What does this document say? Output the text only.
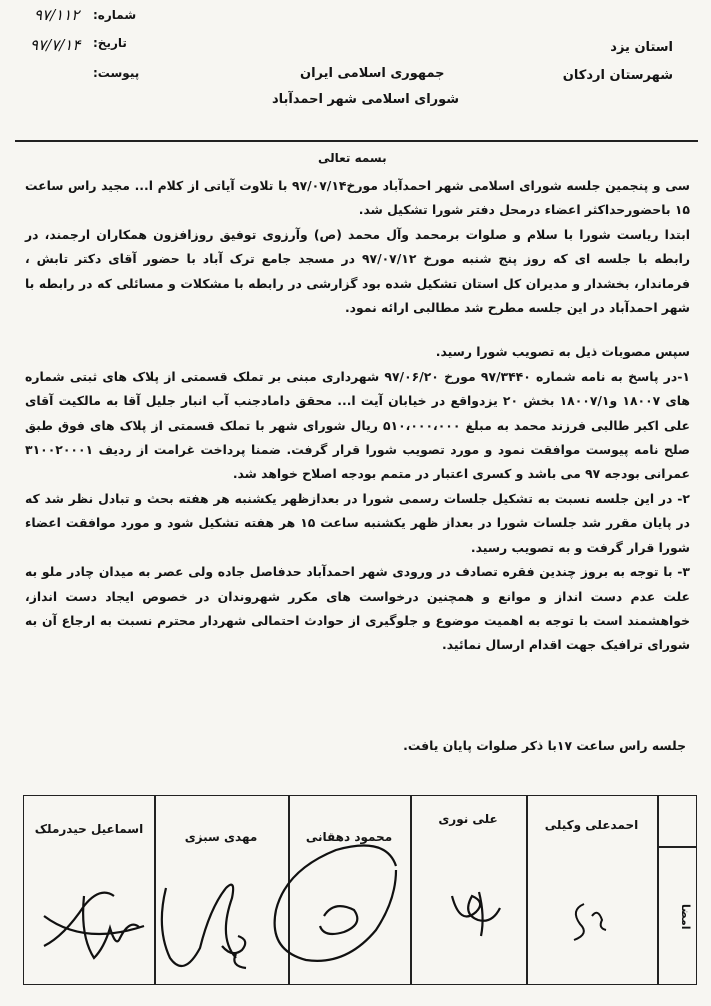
استان یزد
شهرستان اردکان
جمهوری اسلامی ایران
شورای اسلامی شهر احمدآباد
شماره:
۹۷/۱۱۲
تاریخ:
۹۷/۷/۱۴
پیوست:
بسمه تعالی

سی و پنجمین جلسه شورای اسلامی شهر احمدآباد مورخ۹۷/۰۷/۱۴ با تلاوت آیاتی از کلام ا... مجید راس ساعت ۱۵ باحضورحداکثر اعضاء درمحل دفتر شورا تشکیل شد.

ابتدا ریاست شورا با سلام و صلوات برمحمد وآل محمد (ص) وآرزوی توفیق روزافزون همکاران ارجمند، در رابطه با جلسه ای که روز پنج شنبه مورخ ۹۷/۰۷/۱۲ در مسجد جامع ترک آباد با حضور آقای دکتر تابش ، فرماندار، بخشدار و مدیران کل استان تشکیل شده بود گزارشی در رابطه با مشکلات و مسائلی که در رابطه با شهر احمدآباد در این جلسه مطرح شد مطالبی ارائه نمود.

سپس مصوبات ذیل به تصویب شورا رسید.

۱-در پاسخ به نامه شماره ۹۷/۳۴۴۰ مورخ ۹۷/۰۶/۲۰ شهرداری مبنی بر تملک قسمتی از پلاک های ثبتی شماره های ۱۸۰۰۷ و۱۸۰۰۷/۱ بخش ۲۰ یزدواقع در خیابان آیت ا... محقق دامادجنب آب انبار جلیل آقا به مالکیت آقای علی اکبر طالبی فرزند محمد به مبلغ ۵۱۰،۰۰۰،۰۰۰ ریال شورای شهر با تملک قسمتی از پلاک های فوق طبق صلح نامه پیوست موافقت نمود و مورد تصویب شورا قرار گرفت. ضمنا پرداخت غرامت از ردیف ۳۱۰۰۲۰۰۰۱ عمرانی بودجه ۹۷ می باشد و کسری اعتبار در متمم بودجه اصلاح خواهد شد.

۲- در این جلسه نسبت به تشکیل جلسات رسمی شورا در بعدازظهر یکشنبه هر هفته بحث و تبادل نظر شد که در پایان مقرر شد جلسات شورا در بعداز ظهر یکشنبه ساعت ۱۵ هر هفته تشکیل شود و مورد موافقت اعضاء شورا قرار گرفت و به تصویب رسید.

۳- با توجه به بروز چندین فقره تصادف در ورودی شهر احمدآباد حدفاصل جاده ولی عصر به میدان چادر ملو به علت عدم دست انداز و موانع و همچنین درخواست های مکرر شهروندان در خصوص ایجاد دست انداز، خواهشمند است با توجه به اهمیت موضوع و جلوگیری از حوادث احتمالی شهردار محترم نسبت به ارجاع آن به شورای ترافیک جهت اقدام ارسال نمائید.

جلسه راس ساعت ۱۷با ذکر صلوات پایان یافت.
احمدعلی وکیلی
علی نوری
محمود دهقانی
مهدی سبزی
اسماعیل حیدرملک
امضا
